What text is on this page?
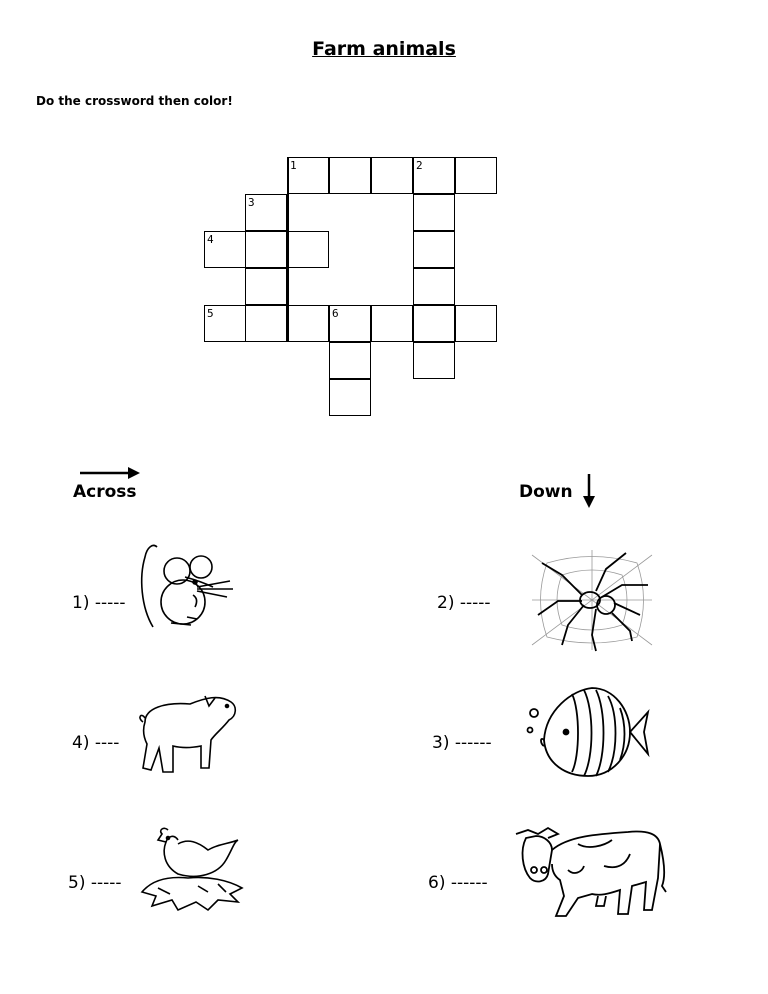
Farm animals
Do the crossword then color!
1	2
3
4
5	6
Across	Down
1) -----
4) ----
5) -----
2) -----
3) ------
6) ------
